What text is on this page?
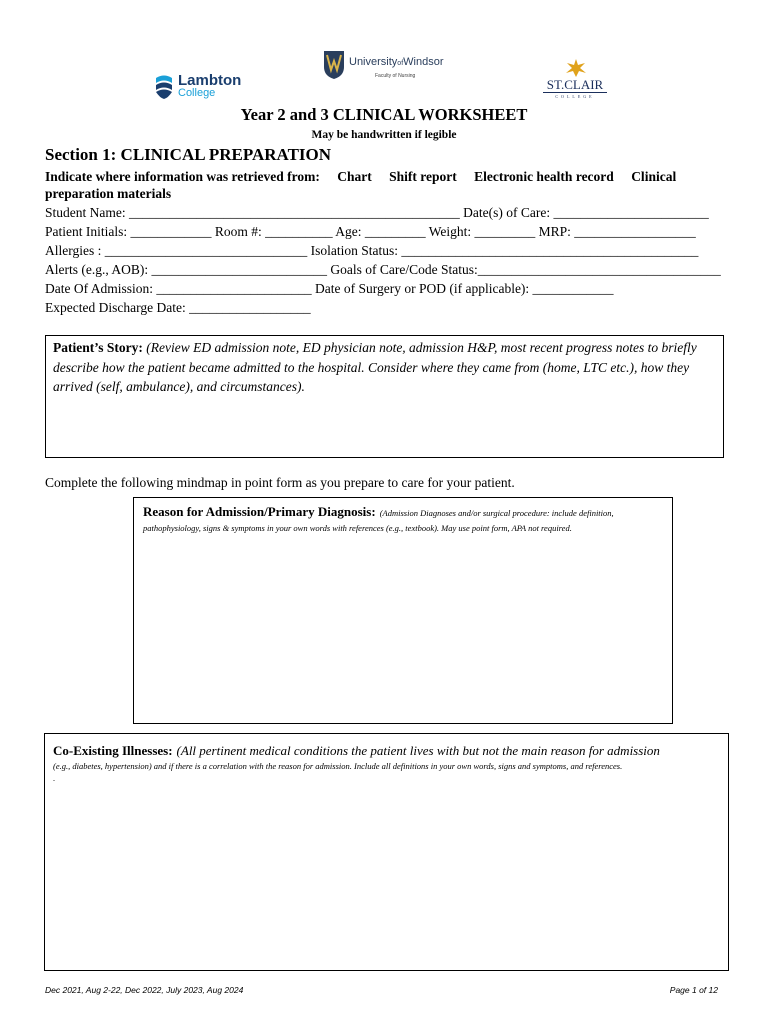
Lambton
College
UniversityofWindsor
Faculty of Nursing
ST.CLAIR
COLLEGE
Year 2 and 3 CLINICAL WORKSHEET
May be handwritten if legible
Section 1: CLINICAL PREPARATION
Indicate where information was retrieved from: Chart Shift report Electronic health record Clinical preparation materials
Student Name: _________________________________________________ Date(s) of Care: _______________________
Patient Initials: ____________ Room #: __________ Age: _________ Weight: _________ MRP: __________________
Allergies : ______________________________ Isolation Status: ____________________________________________
Alerts (e.g., AOB): __________________________ Goals of Care/Code Status:____________________________________
Date Of Admission: _______________________ Date of Surgery or POD (if applicable): ____________
Expected Discharge Date: __________________

Patient’s Story: (Review ED admission note, ED physician note, admission H&P, most recent progress notes to briefly describe how the patient became admitted to the hospital. Consider where they came from (home, LTC etc.), how they arrived (self, ambulance), and circumstances).

Complete the following mindmap in point form as you prepare to care for your patient.

Reason for Admission/Primary Diagnosis: (Admission Diagnoses and/or surgical procedure: include definition, pathophysiology, signs & symptoms in your own words with references (e.g., textbook). May use point form, APA not required.

Co-Existing Illnesses: (All pertinent medical conditions the patient lives with but not the main reason for admission

(e.g., diabetes, hypertension) and if there is a correlation with the reason for admission. Include all definitions in your own words, signs and symptoms, and references.

.

Dec 2021, Aug 2-22, Dec 2022, July 2023, Aug 2024	Page 1 of 12
